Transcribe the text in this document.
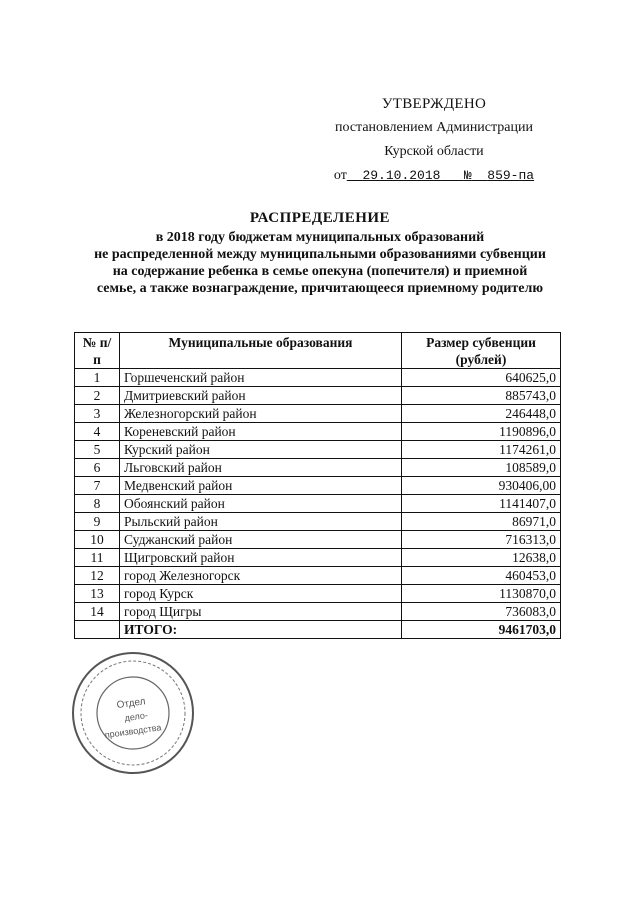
УТВЕРЖДЕНО
постановлением Администрации
Курской области
от 29.10.2018 № 859-па
РАСПРЕДЕЛЕНИЕ
в 2018 году бюджетам муниципальных образований
не распределенной между муниципальными образованиями субвенции
на содержание ребенка в семье опекуна (попечителя) и приемной
семье, а также вознаграждение, причитающееся приемному родителю
№ п/п	Муниципальные образования	Размер субвенции (рублей)
1	Горшеченский район	640625,0
2	Дмитриевский район	885743,0
3	Железногорский район	246448,0
4	Кореневский район	1190896,0
5	Курский район	1174261,0
6	Льговский район	108589,0
7	Медвенский район	930406,00
8	Обоянский район	1141407,0
9	Рыльский район	86971,0
10	Суджанский район	716313,0
11	Щигровский район	12638,0
12	город Железногорск	460453,0
13	город Курск	1130870,0
14	город Щигры	736083,0
	ИТОГО:	9461703,0
Отдел
дело-
производства
